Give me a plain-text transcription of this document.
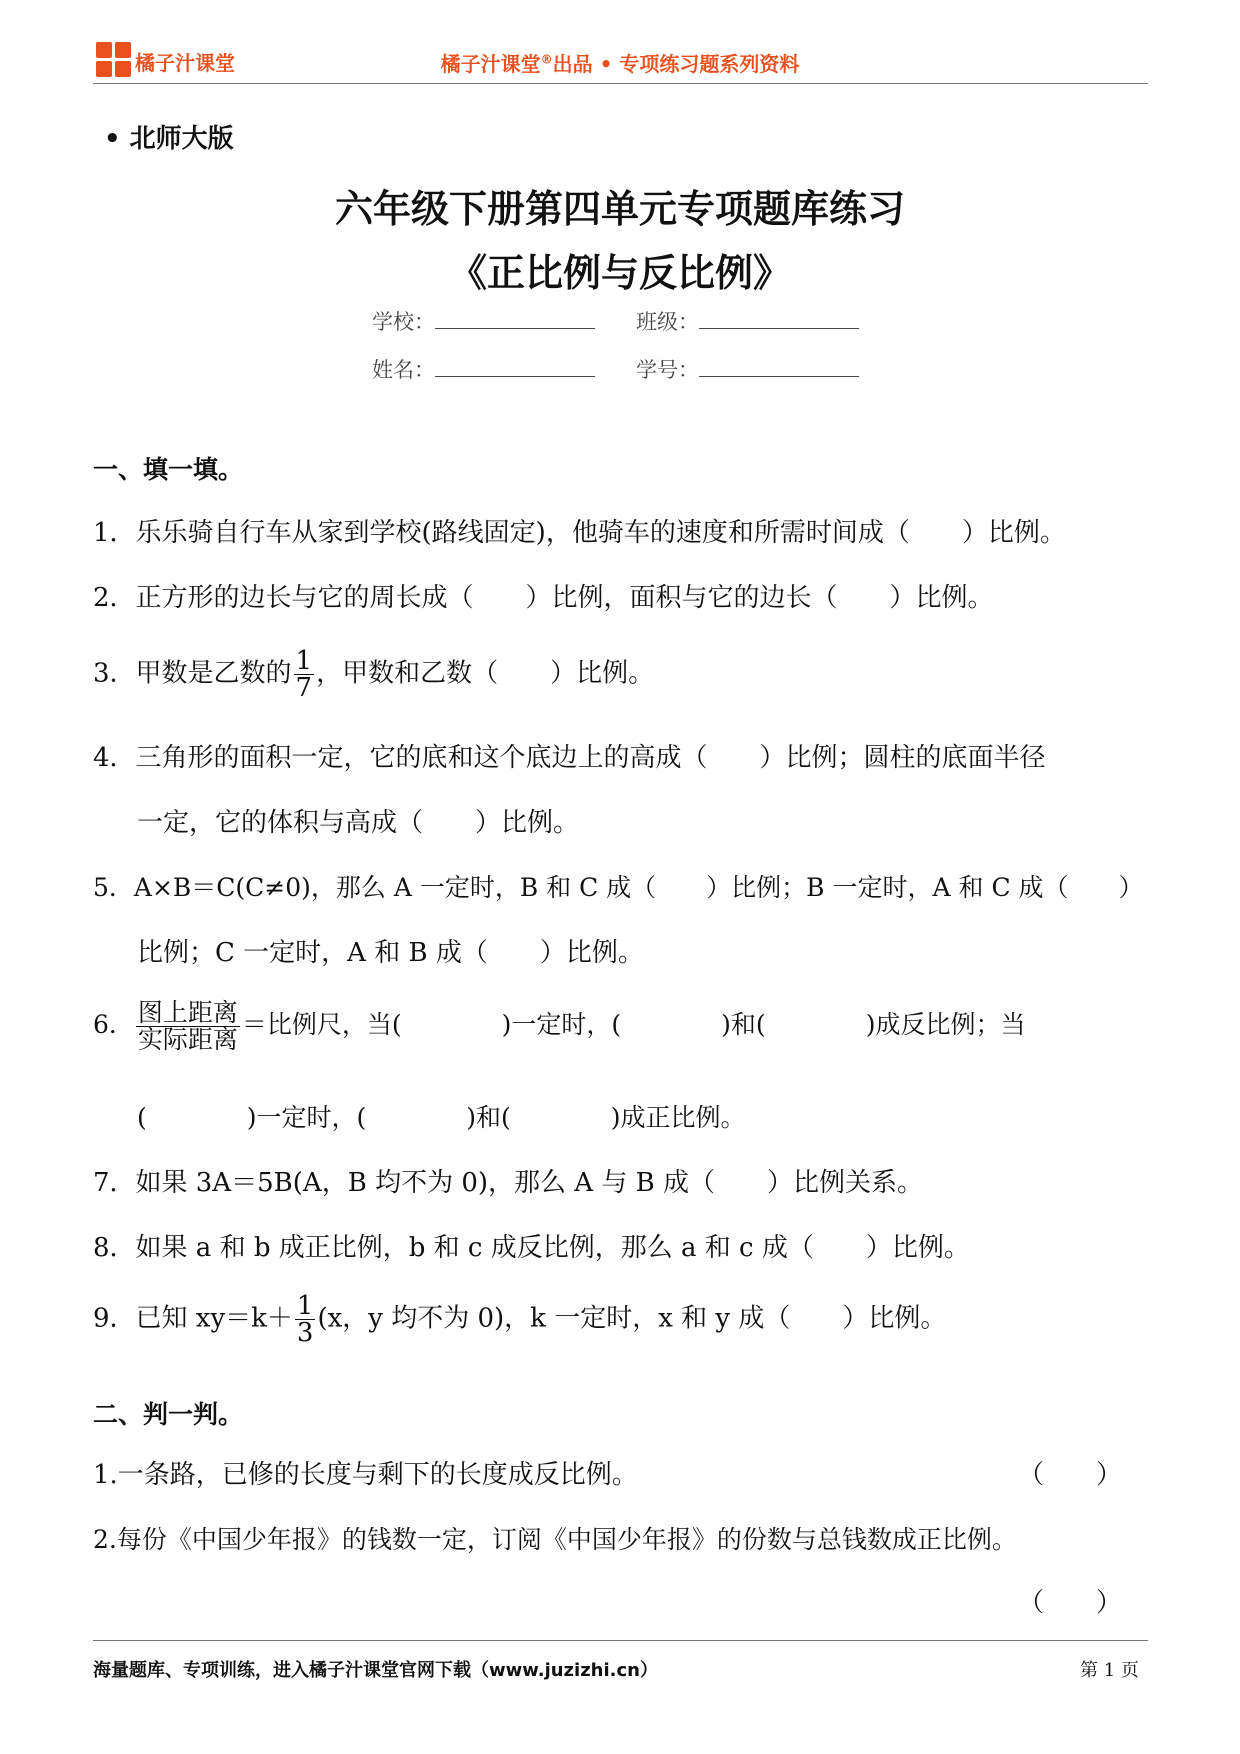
橘子汁课堂	橘子汁课堂®出品 • 专项练习题系列资料
• 北师大版
六年级下册第四单元专项题库练习
《正比例与反比例》
学校：	班级：
姓名：	学号：
一、填一填。
1．乐乐骑自行车从家到学校(路线固定)，他骑车的速度和所需时间成（　　）比例。
2．正方形的边长与它的周长成（　　）比例，面积与它的边长（　　）比例。
3．甲数是乙数的 $\frac{1}{7}$ ，甲数和乙数（　　）比例。
4．三角形的面积一定，它的底和这个底边上的高成（　　）比例；圆柱的底面半径
一定，它的体积与高成（　　）比例。
5．A×B＝C(C≠0)，那么 A 一定时，B 和 C 成（　　）比例；B 一定时，A 和 C 成（　　）
比例；C 一定时，A 和 B 成（　　）比例。
6． $\frac{\text{图上距离}}{\text{实际距离}}$ ＝比例尺，当(　　　　)一定时，(　　　　)和(　　　　)成反比例；当
(　　　　)一定时，(　　　　)和(　　　　)成正比例。
7．如果 3A＝5B(A，B 均不为 0)，那么 A 与 B 成（　　）比例关系。
8．如果 a 和 b 成正比例，b 和 c 成反比例，那么 a 和 c 成（　　）比例。
9．已知 $xy=k+ \frac{1}{3} (x$，y 均不为 0)，k 一定时，x 和 y 成（　　）比例。
二、判一判。
1.一条路，已修的长度与剩下的长度成反比例。	（　　）
2.每份《中国少年报》的钱数一定，订阅《中国少年报》的份数与总钱数成正比例。
（　　）
海量题库、专项训练，进入橘子汁课堂官网下载（www.juzizhi.cn）	第 1 页
